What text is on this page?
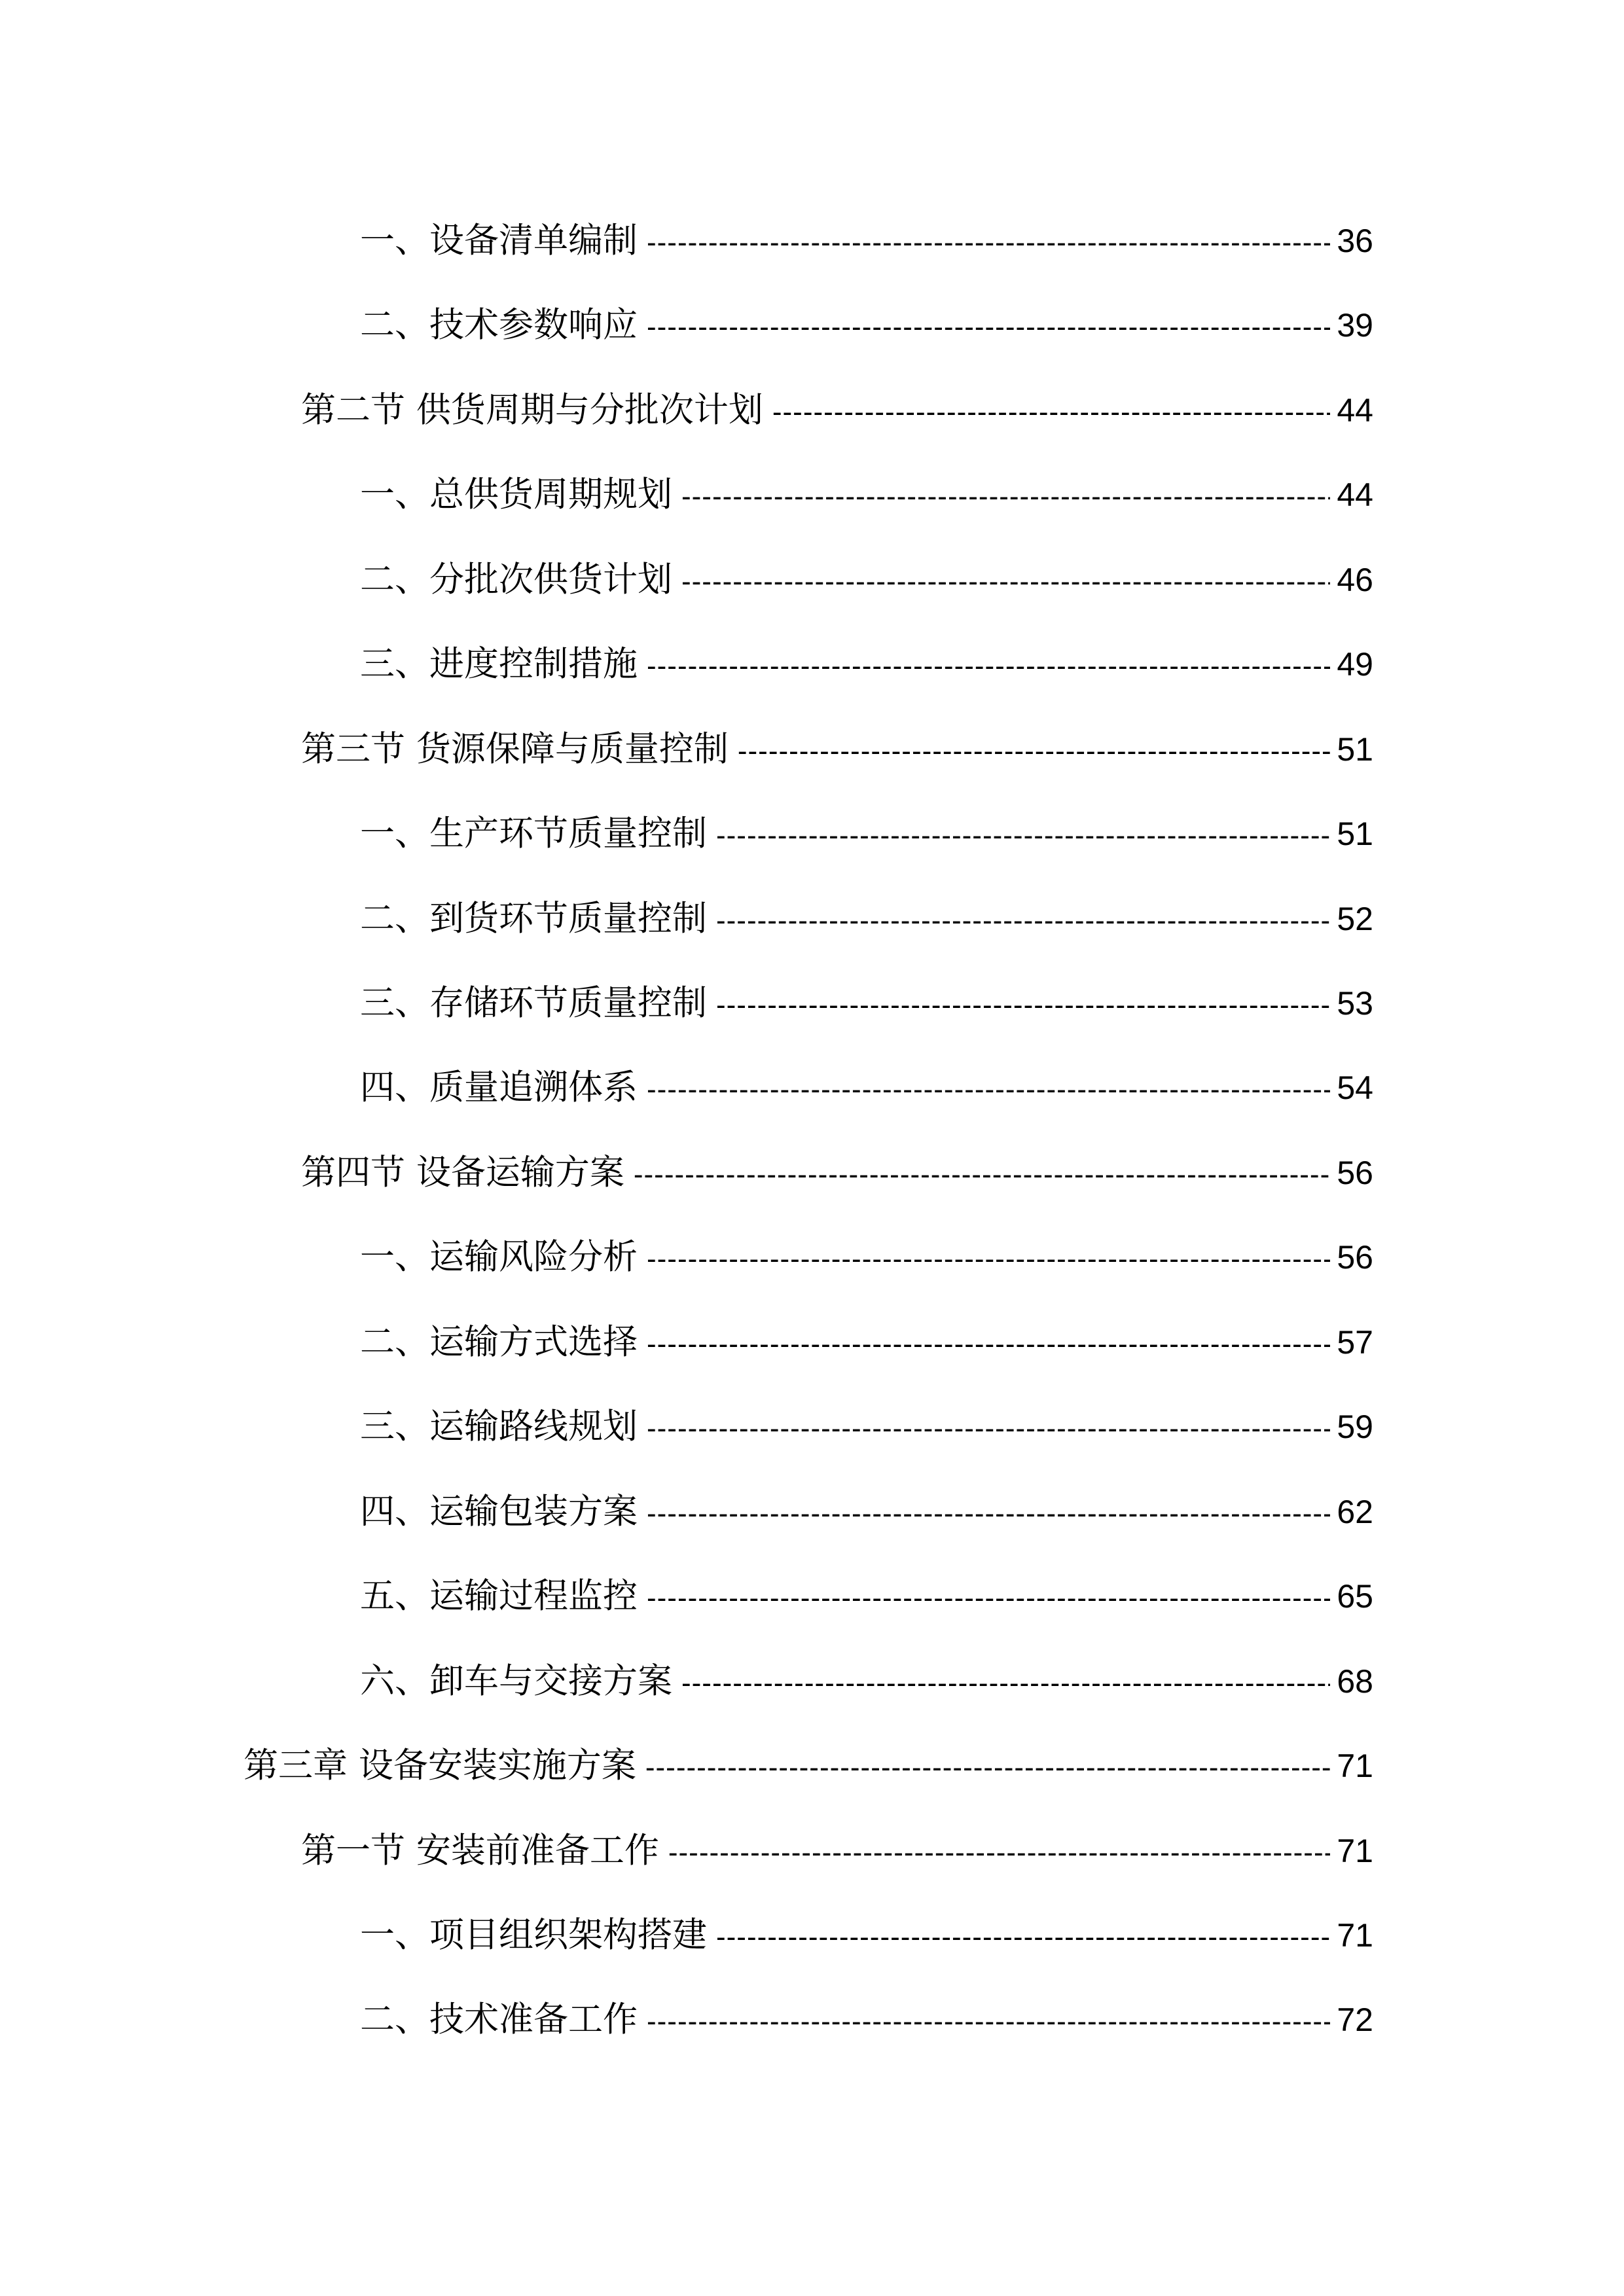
一、设备清单编制 -----	36
二、技术参数响应 -----	39
第二节 供货周期与分批次计划 -----	44
一、总供货周期规划 -----	44
二、分批次供货计划 -----	46
三、进度控制措施 -----	49
第三节 货源保障与质量控制 -----	51
一、生产环节质量控制 -----	51
二、到货环节质量控制 -----	52
三、存储环节质量控制 -----	53
四、质量追溯体系 -----	54
第四节 设备运输方案 -----	56
一、运输风险分析 -----	56
二、运输方式选择 -----	57
三、运输路线规划 -----	59
四、运输包装方案 -----	62
五、运输过程监控 -----	65
六、卸车与交接方案 -----	68
第三章 设备安装实施方案 -----	71
第一节 安装前准备工作 -----	71
一、项目组织架构搭建 -----	71
二、技术准备工作 -----	72
